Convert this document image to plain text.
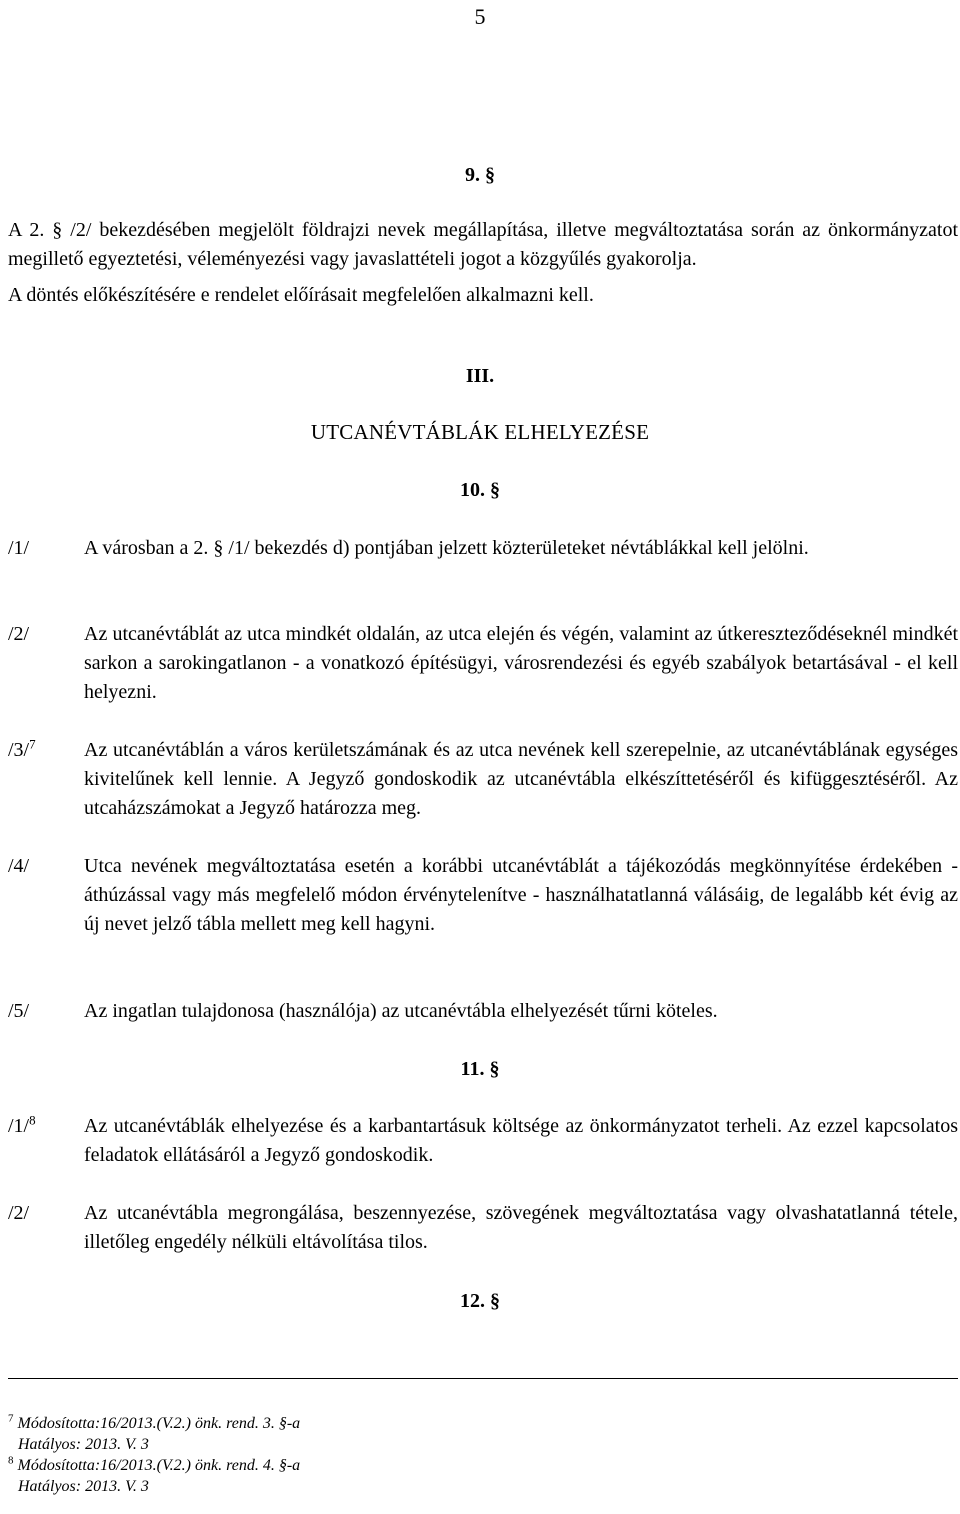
5
9. §

A 2. § /2/ bekezdésében megjelölt földrajzi nevek megállapítása, illetve megváltoztatása során az önkormányzatot megillető egyeztetési, véleményezési vagy javaslattételi jogot a közgyűlés gyakorolja.

A döntés előkészítésére e rendelet előírásait megfelelően alkalmazni kell.

III.
UTCANÉVTÁBLÁK ELHELYEZÉSE
10. §
/1/	A városban a 2. § /1/ bekezdés d) pontjában jelzett közterületeket névtáblákkal kell jelölni.
/2/	Az utcanévtáblát az utca mindkét oldalán, az utca elején és végén, valamint az útkereszteződéseknél mindkét sarkon a sarokingatlanon - a vonatkozó építésügyi, városrendezési és egyéb szabályok betartásával - el kell helyezni.
/3/$^7$	Az utcanévtáblán a város kerületszámának és az utca nevének kell szerepelnie, az utcanévtáblának egységes kivitelűnek kell lennie. A Jegyző gondoskodik az utcanévtábla elkészíttetéséről és kifüggesztéséről. Az utcaházszámokat a Jegyző határozza meg.
/4/	Utca nevének megváltoztatása esetén a korábbi utcanévtáblát a tájékozódás megkönnyítése érdekében - áthúzással vagy más megfelelő módon érvénytelenítve - használhatatlanná válásáig, de legalább két évig az új nevet jelző tábla mellett meg kell hagyni.
/5/	Az ingatlan tulajdonosa (használója) az utcanévtábla elhelyezését tűrni köteles.
11. §
/1/$^8$	Az utcanévtáblák elhelyezése és a karbantartásuk költsége az önkormányzatot terheli. Az ezzel kapcsolatos feladatok ellátásáról a Jegyző gondoskodik.
/2/	Az utcanévtábla megrongálása, beszennyezése, szövegének megváltoztatása vagy olvashatatlanná tétele, illetőleg engedély nélküli eltávolítása tilos.
12. §

$^7$ Módosította:16/2013.(V.2.) önk. rend. 3. §-a

Hatályos: 2013. V. 3

$^8$ Módosította:16/2013.(V.2.) önk. rend. 4. §-a

Hatályos: 2013. V. 3
